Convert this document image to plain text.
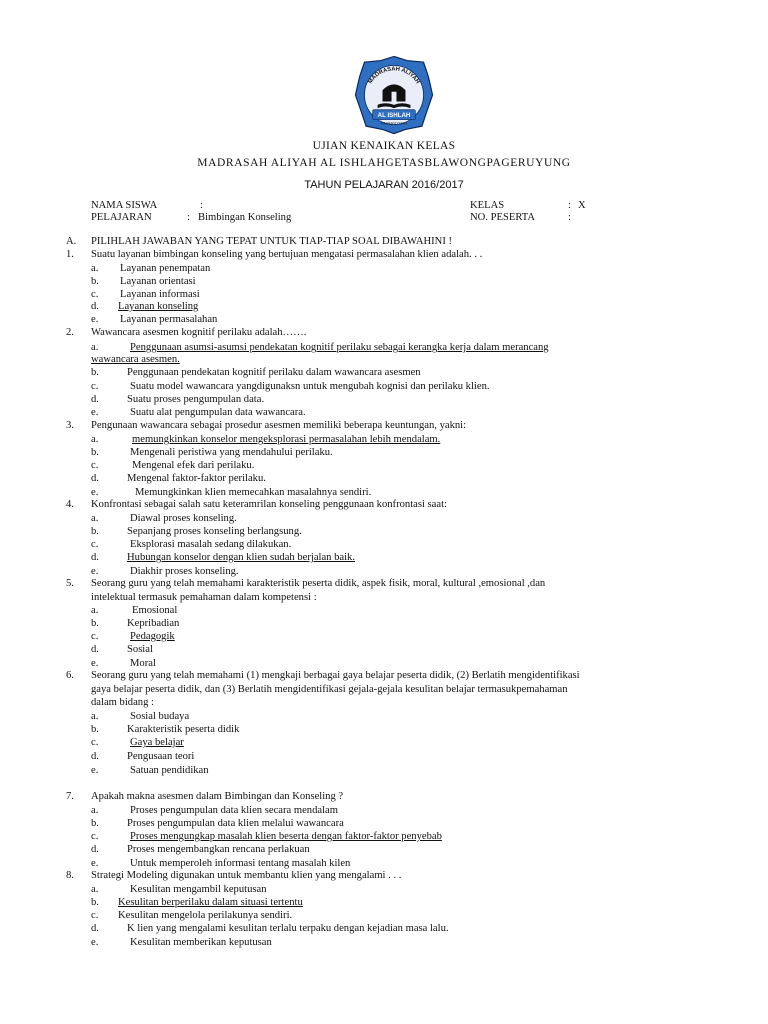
MADRASAH ALIYAH
AL ISHLAH
PAGERUYUNG
UJIAN KENAIKAN KELAS
MADRASAH ALIYAH AL ISHLAHGETASBLAWONGPAGERUYUNG
TAHUN PELAJARAN 2016/2017
NAMA SISWA	:	KELAS	: X
PELAJARAN	: Bimbingan Konseling	NO. PESERTA	:
A. PILIHLAH JAWABAN YANG TEPAT UNTUK TIAP-TIAP SOAL DIBAWAHINI !
1. Suatu layanan bimbingan konseling yang bertujuan mengatasi permasalahan klien adalah. . .
a. Layanan penempatan
b. Layanan orientasi
c. Layanan informasi
d. Layanan konseling
e. Layanan permasalahan
2. Wawancara asesmen kognitif perilaku adalah…….
a.	Penggunaan asumsi-asumsi pendekatan kognitif perilaku sebagai kerangka kerja dalam merancang
wawancara asesmen.
b.	Penggunaan pendekatan kognitif perilaku dalam wawancara asesmen
c.	Suatu model wawancara yangdigunaksn untuk mengubah kognisi dan perilaku klien.
d.	Suatu proses pengumpulan data.
e.	Suatu alat pengumpulan data wawancara.
3. Pengunaan wawancara sebagai prosedur asesmen memiliki beberapa keuntungan, yakni:
a.	memungkinkan konselor mengeksplorasi permasalahan lebih mendalam.
b.	Mengenali peristiwa yang mendahului perilaku.
c.	Mengenal efek dari perilaku.
d.	Mengenal faktor-faktor perilaku.
e.	Memungkinkan klien memecahkan masalahnya sendiri.
4. Konfrontasi sebagai salah satu keteramrilan konseling penggunaan konfrontasi saat:
a.	Diawal proses konseling.
b.	Sepanjang proses konseling berlangsung.
c.	Eksplorasi masalah sedang dilakukan.
d.	Hubungan konselor dengan klien sudah berjalan baik.
e.	Diakhir proses konseling.
5. Seorang guru yang telah memahami karakteristik peserta didik, aspek fisik, moral, kultural ,emosional ,dan
intelektual termasuk pemahaman dalam kompetensi :
a.	Emosional
b.	Kepribadian
c.	Pedagogik
d.	Sosial
e.	Moral
6. Seorang guru yang telah memahami (1) mengkaji berbagai gaya belajar peserta didik, (2) Berlatih mengidentifikasi
gaya belajar peserta didik, dan (3) Berlatih mengidentifikasi gejala-gejala kesulitan belajar termasukpemahaman
dalam bidang :
a.	Sosial budaya
b.	Karakteristik peserta didik
c.	Gaya belajar
d.	Pengusaan teori
e.	Satuan pendidikan
7. Apakah makna asesmen dalam Bimbingan dan Konseling ?
a.	Proses pengumpulan data klien secara mendalam
b.	Proses pengumpulan data klien melalui wawancara
c.	Proses mengungkap masalah klien beserta dengan faktor-faktor penyebab
d.	Proses mengembangkan rencana perlakuan
e.	Untuk memperoleh informasi tentang masalah kilen
8. Strategi Modeling digunakan untuk membantu klien yang mengalami . . .
a.	Kesulitan mengambil keputusan
b. Kesulitan berperilaku dalam situasi tertentu
c. Kesulitan mengelola perilakunya sendiri.
d.	K lien yang mengalami kesulitan terlalu terpaku dengan kejadian masa lalu.
e.	Kesulitan memberikan keputusan
